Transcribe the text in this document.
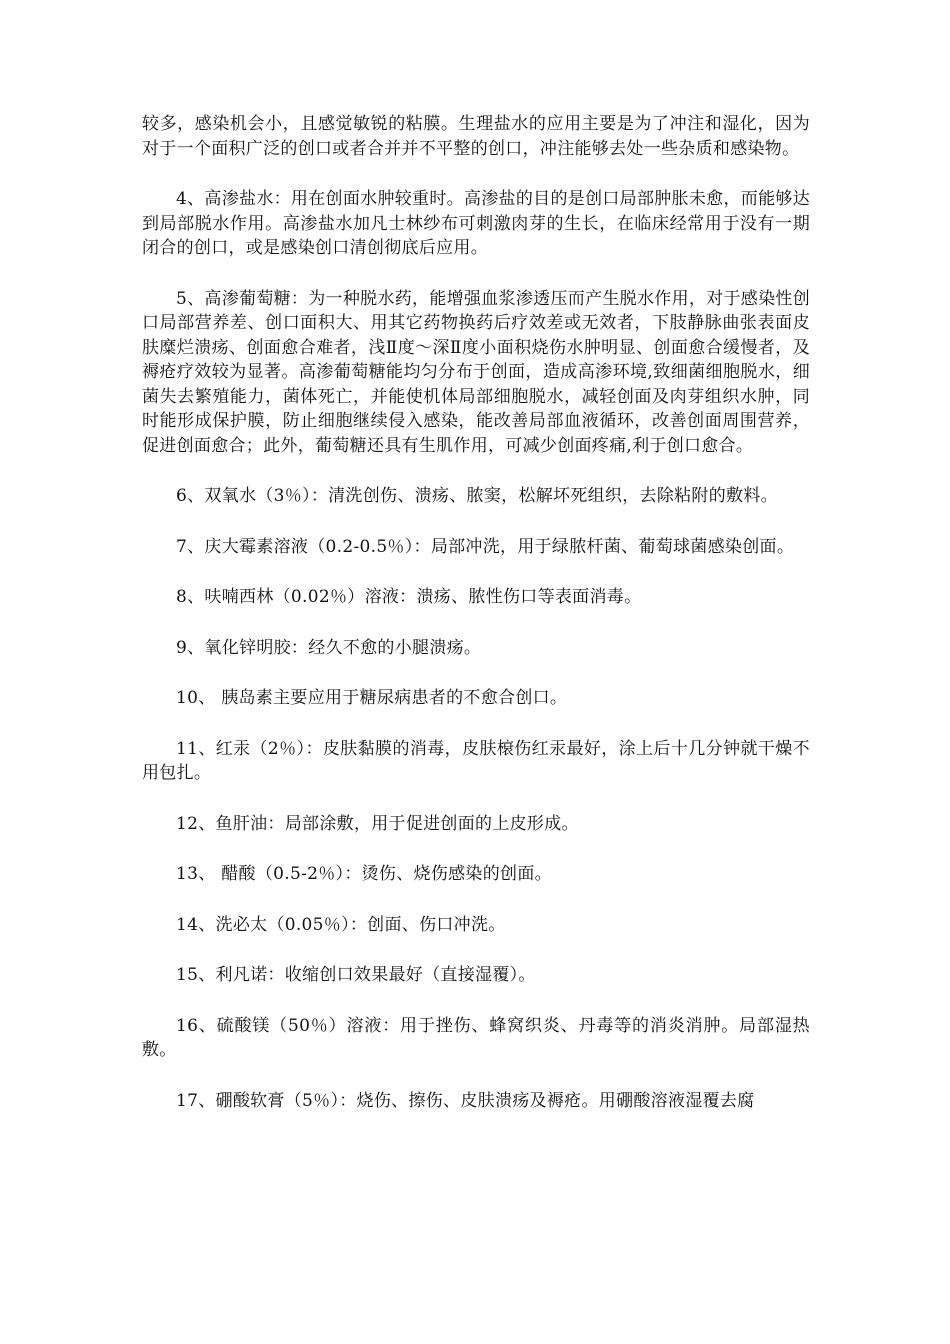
较多，感染机会小，且感觉敏锐的粘膜。生理盐水的应用主要是为了冲注和湿化，因为对于一个面积广泛的创口或者合并并不平整的创口，冲注能够去处一些杂质和感染物。

4、高渗盐水：用在创面水肿较重时。高渗盐的目的是创口局部肿胀未愈，而能够达到局部脱水作用。高渗盐水加凡士林纱布可刺激肉芽的生长，在临床经常用于没有一期闭合的创口，或是感染创口清创彻底后应用。

5、高渗葡萄糖：为一种脱水药，能增强血浆渗透压而产生脱水作用，对于感染性创口局部营养差、创口面积大、用其它药物换药后疗效差或无效者，下肢静脉曲张表面皮肤糜烂溃疡、创面愈合难者，浅Ⅱ度～深Ⅱ度小面积烧伤水肿明显、创面愈合缓慢者，及褥疮疗效较为显著。高渗葡萄糖能均匀分布于创面，造成高渗环境,致细菌细胞脱水，细菌失去繁殖能力，菌体死亡，并能使机体局部细胞脱水，减轻创面及肉芽组织水肿，同时能形成保护膜，防止细胞继续侵入感染，能改善局部血液循环，改善创面周围营养，促进创面愈合；此外，葡萄糖还具有生肌作用，可减少创面疼痛,利于创口愈合。

6、双氧水（3％）：清洗创伤、溃疡、脓窦，松解坏死组织，去除粘附的敷料。

7、庆大霉素溶液（0.2-0.5％）：局部冲洗，用于绿脓杆菌、葡萄球菌感染创面。

8、呋喃西林（0.02％）溶液：溃疡、脓性伤口等表面消毒。

9、氧化锌明胶：经久不愈的小腿溃疡。

10、 胰岛素主要应用于糖尿病患者的不愈合创口。

11、红汞（2％）：皮肤黏膜的消毒，皮肤榱伤红汞最好，涂上后十几分钟就干燥不用包扎。

12、鱼肝油：局部涂敷，用于促进创面的上皮形成。

13、 醋酸（0.5-2％）：烫伤、烧伤感染的创面。

14、洗必太（0.05％）：创面、伤口冲洗。

15、利凡诺：收缩创口效果最好（直接湿覆）。

16、硫酸镁（50％）溶液：用于挫伤、蜂窝织炎、丹毒等的消炎消肿。局部湿热敷。

17、硼酸软膏（5％）：烧伤、擦伤、皮肤溃疡及褥疮。用硼酸溶液湿覆去腐
